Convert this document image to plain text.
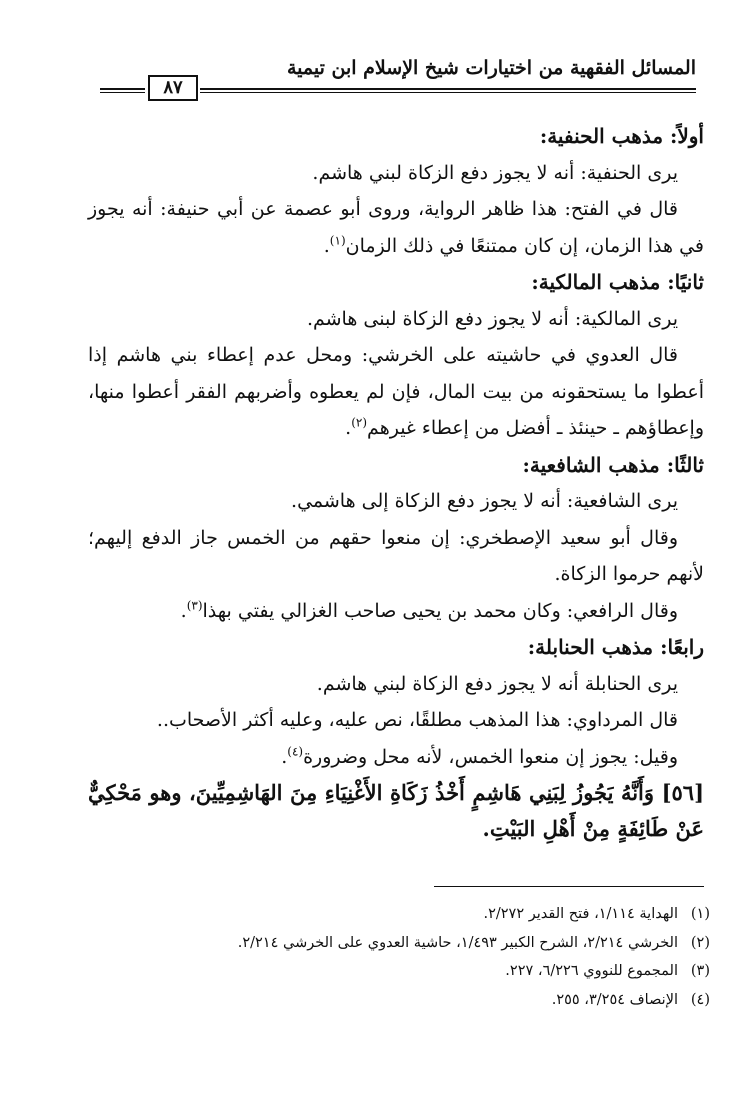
المسائل الفقهية من اختيارات شيخ الإسلام ابن تيمية
٨٧

أولاً: مذهب الحنفية:

يرى الحنفية: أنه لا يجوز دفع الزكاة لبني هاشم.

قال في الفتح: هذا ظاهر الرواية، وروى أبو عصمة عن أبي حنيفة: أنه يجوز في هذا الزمان، إن كان ممتنعًا في ذلك الزمان$^{(١)}$.

ثانيًا: مذهب المالكية:

يرى المالكية: أنه لا يجوز دفع الزكاة لبنى هاشم.

قال العدوي في حاشيته على الخرشي: ومحل عدم إعطاء بني هاشم إذا أعطوا ما يستحقونه من بيت المال، فإن لم يعطوه وأضربهم الفقر أعطوا منها، وإعطاؤهم ـ حينئذ ـ أفضل من إعطاء غيرهم$^{(٢)}$.

ثالثًا: مذهب الشافعية:

يرى الشافعية: أنه لا يجوز دفع الزكاة إلى هاشمي.

وقال أبو سعيد الإصطخري: إن منعوا حقهم من الخمس جاز الدفع إليهم؛ لأنهم حرموا الزكاة.

وقال الرافعي: وكان محمد بن يحيى صاحب الغزالي يفتي بهذا$^{(٣)}$.

رابعًا: مذهب الحنابلة:

يرى الحنابلة أنه لا يجوز دفع الزكاة لبني هاشم.

قال المرداوي: هذا المذهب مطلقًا، نص عليه، وعليه أكثر الأصحاب..

وقيل: يجوز إن منعوا الخمس، لأنه محل وضرورة$^{(٤)}$.

[٥٦] وَأَنَّهُ يَجُوزُ لِبَنِي هَاشِمٍ أَخْذُ زَكَاةِ الأَغْنِيَاءِ مِنَ الهَاشِمِيِّينَ، وهو مَحْكِيٌّ عَنْ طَائِفَةٍ مِنْ أَهْلِ البَيْتِ.

(١)الهداية ١/١١٤، فتح القدير ٢/٢٧٢.

(٢)الخرشي ٢/٢١٤، الشرح الكبير ١/٤٩٣، حاشية العدوي على الخرشي ٢/٢١٤.

(٣)المجموع للنووي ٦/٢٢٦، ٢٢٧.

(٤)الإنصاف ٣/٢٥٤، ٢٥٥.
